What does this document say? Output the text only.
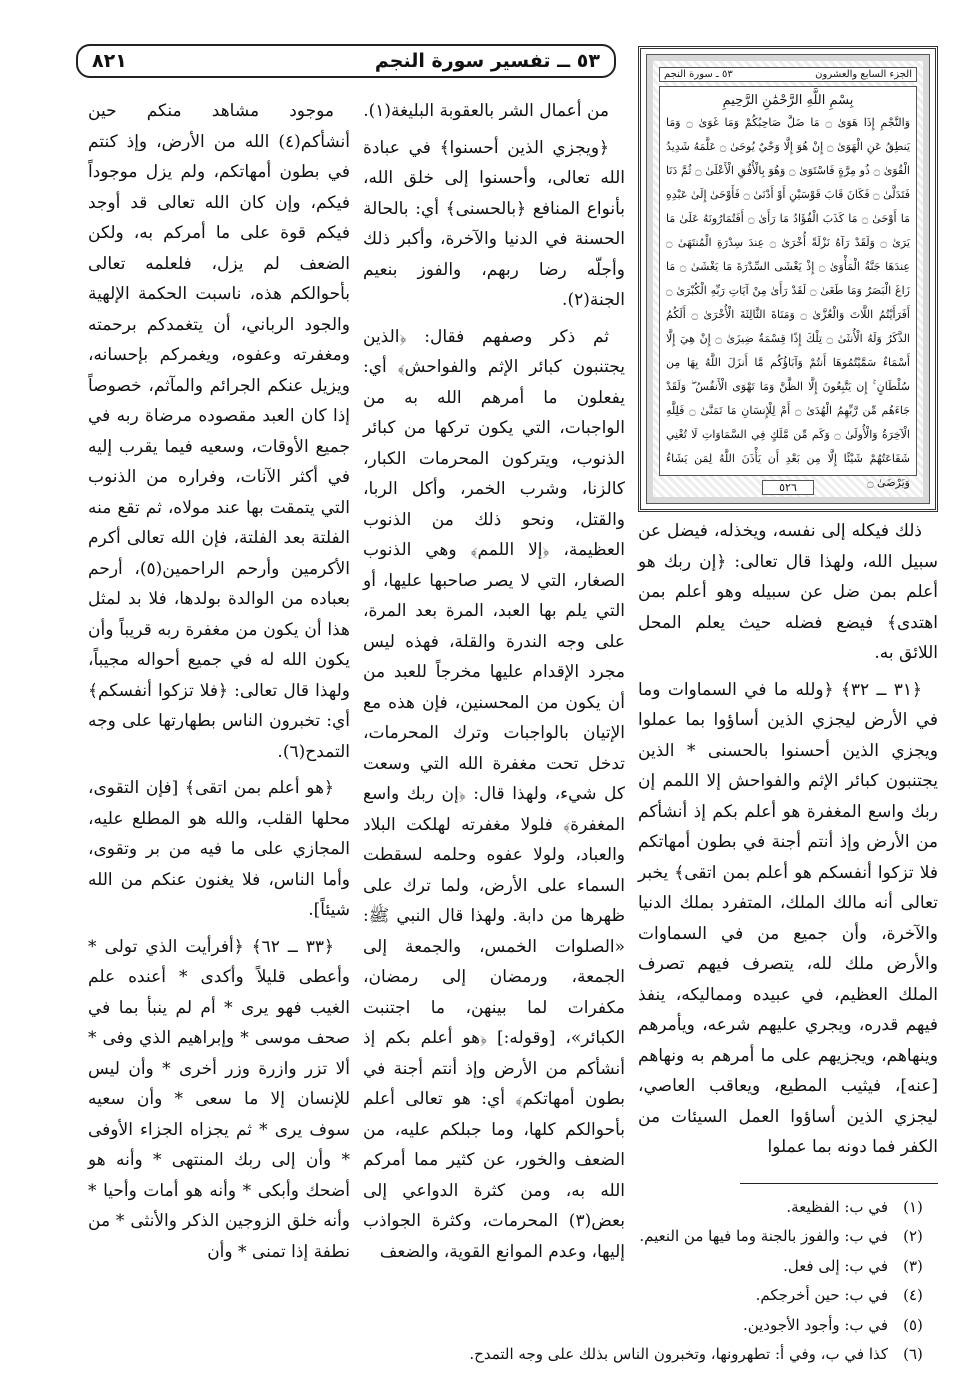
٥٣ ــ تفسير سورة النجم
٨٢١
الجزء السابع والعشرون
٥٣ ـ سورة النجم
بِسْمِ اللَّهِ الرَّحْمَٰنِ الرَّحِيمِ
وَالنَّجْمِ إِذَا هَوَىٰ ۝ مَا ضَلَّ صَاحِبُكُمْ وَمَا غَوَىٰ ۝ وَمَا يَنطِقُ عَنِ الْهَوَىٰ ۝ إِنْ هُوَ إِلَّا وَحْيٌ يُوحَىٰ ۝ عَلَّمَهُ شَدِيدُ الْقُوَىٰ ۝ ذُو مِرَّةٍ فَاسْتَوَىٰ ۝ وَهُوَ بِالْأُفُقِ الْأَعْلَىٰ ۝ ثُمَّ دَنَا فَتَدَلَّىٰ ۝ فَكَانَ قَابَ قَوْسَيْنِ أَوْ أَدْنَىٰ ۝ فَأَوْحَىٰ إِلَىٰ عَبْدِهِ مَا أَوْحَىٰ ۝ مَا كَذَبَ الْفُؤَادُ مَا رَأَىٰ ۝ أَفَتُمَارُونَهُ عَلَىٰ مَا يَرَىٰ ۝ وَلَقَدْ رَآهُ نَزْلَةً أُخْرَىٰ ۝ عِندَ سِدْرَةِ الْمُنتَهَىٰ ۝ عِندَهَا جَنَّةُ الْمَأْوَىٰ ۝ إِذْ يَغْشَى السِّدْرَةَ مَا يَغْشَىٰ ۝ مَا زَاغَ الْبَصَرُ وَمَا طَغَىٰ ۝ لَقَدْ رَأَىٰ مِنْ آيَاتِ رَبِّهِ الْكُبْرَىٰ ۝ أَفَرَأَيْتُمُ اللَّاتَ وَالْعُزَّىٰ ۝ وَمَنَاةَ الثَّالِثَةَ الْأُخْرَىٰ ۝ أَلَكُمُ الذَّكَرُ وَلَهُ الْأُنثَىٰ ۝ تِلْكَ إِذًا قِسْمَةٌ ضِيزَىٰ ۝ إِنْ هِيَ إِلَّا أَسْمَاءٌ سَمَّيْتُمُوهَا أَنتُمْ وَآبَاؤُكُم مَّا أَنزَلَ اللَّهُ بِهَا مِن سُلْطَانٍ ۚ إِن يَتَّبِعُونَ إِلَّا الظَّنَّ وَمَا تَهْوَى الْأَنفُسُ ۖ وَلَقَدْ جَاءَهُم مِّن رَّبِّهِمُ الْهُدَىٰ ۝ أَمْ لِلْإِنسَانِ مَا تَمَنَّىٰ ۝ فَلِلَّهِ الْآخِرَةُ وَالْأُولَىٰ ۝ وَكَم مِّن مَّلَكٍ فِي السَّمَاوَاتِ لَا تُغْنِي شَفَاعَتُهُمْ شَيْئًا إِلَّا مِن بَعْدِ أَن يَأْذَنَ اللَّهُ لِمَن يَشَاءُ وَيَرْضَىٰ ۝
٥٢٦

ذلك فيكله إلى نفسه، ويخذله، فيضل عن سبيل الله، ولهذا قال تعالى: ﴿إن ربك هو أعلم بمن ضل عن سبيله وهو أعلم بمن اهتدى﴾ فيضع فضله حيث يعلم المحل اللائق به.

﴿٣١ ــ ٣٢﴾ ﴿ولله ما في السماوات وما في الأرض ليجزي الذين أساؤوا بما عملوا ويجزي الذين أحسنوا بالحسنى * الذين يجتنبون كبائر الإثم والفواحش إلا اللمم إن ربك واسع المغفرة هو أعلم بكم إذ أنشأكم من الأرض وإذ أنتم أجنة في بطون أمهاتكم فلا تزكوا أنفسكم هو أعلم بمن اتقى﴾ يخبر تعالى أنه مالك الملك، المتفرد بملك الدنيا والآخرة، وأن جميع من في السماوات والأرض ملك لله، يتصرف فيهم تصرف الملك العظيم، في عبيده ومماليكه، ينفذ فيهم قدره، ويجري عليهم شرعه، ويأمرهم وينهاهم، ويجزيهم على ما أمرهم به ونهاهم [عنه]، فيثيب المطيع، ويعاقب العاصي، ليجزي الذين أساؤوا العمل السيئات من الكفر فما دونه بما عملوا

من أعمال الشر بالعقوبة البليغة(١).

﴿ويجزي الذين أحسنوا﴾ في عبادة الله تعالى، وأحسنوا إلى خلق الله، بأنواع المنافع ﴿بالحسنى﴾ أي: بالحالة الحسنة في الدنيا والآخرة، وأكبر ذلك وأجلّه رضا ربهم، والفوز بنعيم الجنة(٢).

ثم ذكر وصفهم فقال: ﴿الذين يجتنبون كبائر الإثم والفواحش﴾ أي: يفعلون ما أمرهم الله به من الواجبات، التي يكون تركها من كبائر الذنوب، ويتركون المحرمات الكبار، كالزنا، وشرب الخمر، وأكل الربا، والقتل، ونحو ذلك من الذنوب العظيمة، ﴿إلا اللمم﴾ وهي الذنوب الصغار، التي لا يصر صاحبها عليها، أو التي يلم بها العبد، المرة بعد المرة، على وجه الندرة والقلة، فهذه ليس مجرد الإقدام عليها مخرجاً للعبد من أن يكون من المحسنين، فإن هذه مع الإتيان بالواجبات وترك المحرمات، تدخل تحت مغفرة الله التي وسعت كل شيء، ولهذا قال: ﴿إن ربك واسع المغفرة﴾ فلولا مغفرته لهلكت البلاد والعباد، ولولا عفوه وحلمه لسقطت السماء على الأرض، ولما ترك على ظهرها من دابة. ولهذا قال النبي ﷺ: «الصلوات الخمس، والجمعة إلى الجمعة، ورمضان إلى رمضان، مكفرات لما بينهن، ما اجتنبت الكبائر»، [وقوله:] ﴿هو أعلم بكم إذ أنشأكم من الأرض وإذ أنتم أجنة في بطون أمهاتكم﴾ أي: هو تعالى أعلم بأحوالكم كلها، وما جبلكم عليه، من الضعف والخور، عن كثير مما أمركم الله به، ومن كثرة الدواعي إلى بعض(٣) المحرمات، وكثرة الجواذب إليها، وعدم الموانع القوية، والضعف

موجود مشاهد منكم حين أنشأكم(٤) الله من الأرض، وإذ كنتم في بطون أمهاتكم، ولم يزل موجوداً فيكم، وإن كان الله تعالى قد أوجد فيكم قوة على ما أمركم به، ولكن الضعف لم يزل، فلعلمه تعالى بأحوالكم هذه، ناسبت الحكمة الإلهية والجود الرباني، أن يتغمدكم برحمته ومغفرته وعفوه، ويغمركم بإحسانه، ويزيل عنكم الجرائم والمآثم، خصوصاً إذا كان العبد مقصوده مرضاة ربه في جميع الأوقات، وسعيه فيما يقرب إليه في أكثر الآنات، وفراره من الذنوب التي يتمقت بها عند مولاه، ثم تقع منه الفلتة بعد الفلتة، فإن الله تعالى أكرم الأكرمين وأرحم الراحمين(٥)، أرحم بعباده من الوالدة بولدها، فلا بد لمثل هذا أن يكون من مغفرة ربه قريباً وأن يكون الله له في جميع أحواله مجيباً، ولهذا قال تعالى: ﴿فلا تزكوا أنفسكم﴾ أي: تخبرون الناس بطهارتها على وجه التمدح(٦).

﴿هو أعلم بمن اتقى﴾ [فإن التقوى، محلها القلب، والله هو المطلع عليه، المجازي على ما فيه من بر وتقوى، وأما الناس، فلا يغنون عنكم من الله شيئاً].

﴿٣٣ ــ ٦٢﴾ ﴿أفرأيت الذي تولى * وأعطى قليلاً وأكدى * أعنده علم الغيب فهو يرى * أم لم ينبأ بما في صحف موسى * وإبراهيم الذي وفى * ألا تزر وازرة وزر أخرى * وأن ليس للإنسان إلا ما سعى * وأن سعيه سوف يرى * ثم يجزاه الجزاء الأوفى * وأن إلى ربك المنتهى * وأنه هو أضحك وأبكى * وأنه هو أمات وأحيا * وأنه خلق الزوجين الذكر والأنثى * من نطفة إذا تمنى * وأن

(١)
في ب: الفظيعة.
(٢)
في ب: والفوز بالجنة وما فيها من النعيم.
(٣)
في ب: إلى فعل.
(٤)
في ب: حين أخرجكم.
(٥)
في ب: وأجود الأجودين.
(٦)
كذا في ب، وفي أ: تطهرونها، وتخبرون الناس بذلك على وجه التمدح.
